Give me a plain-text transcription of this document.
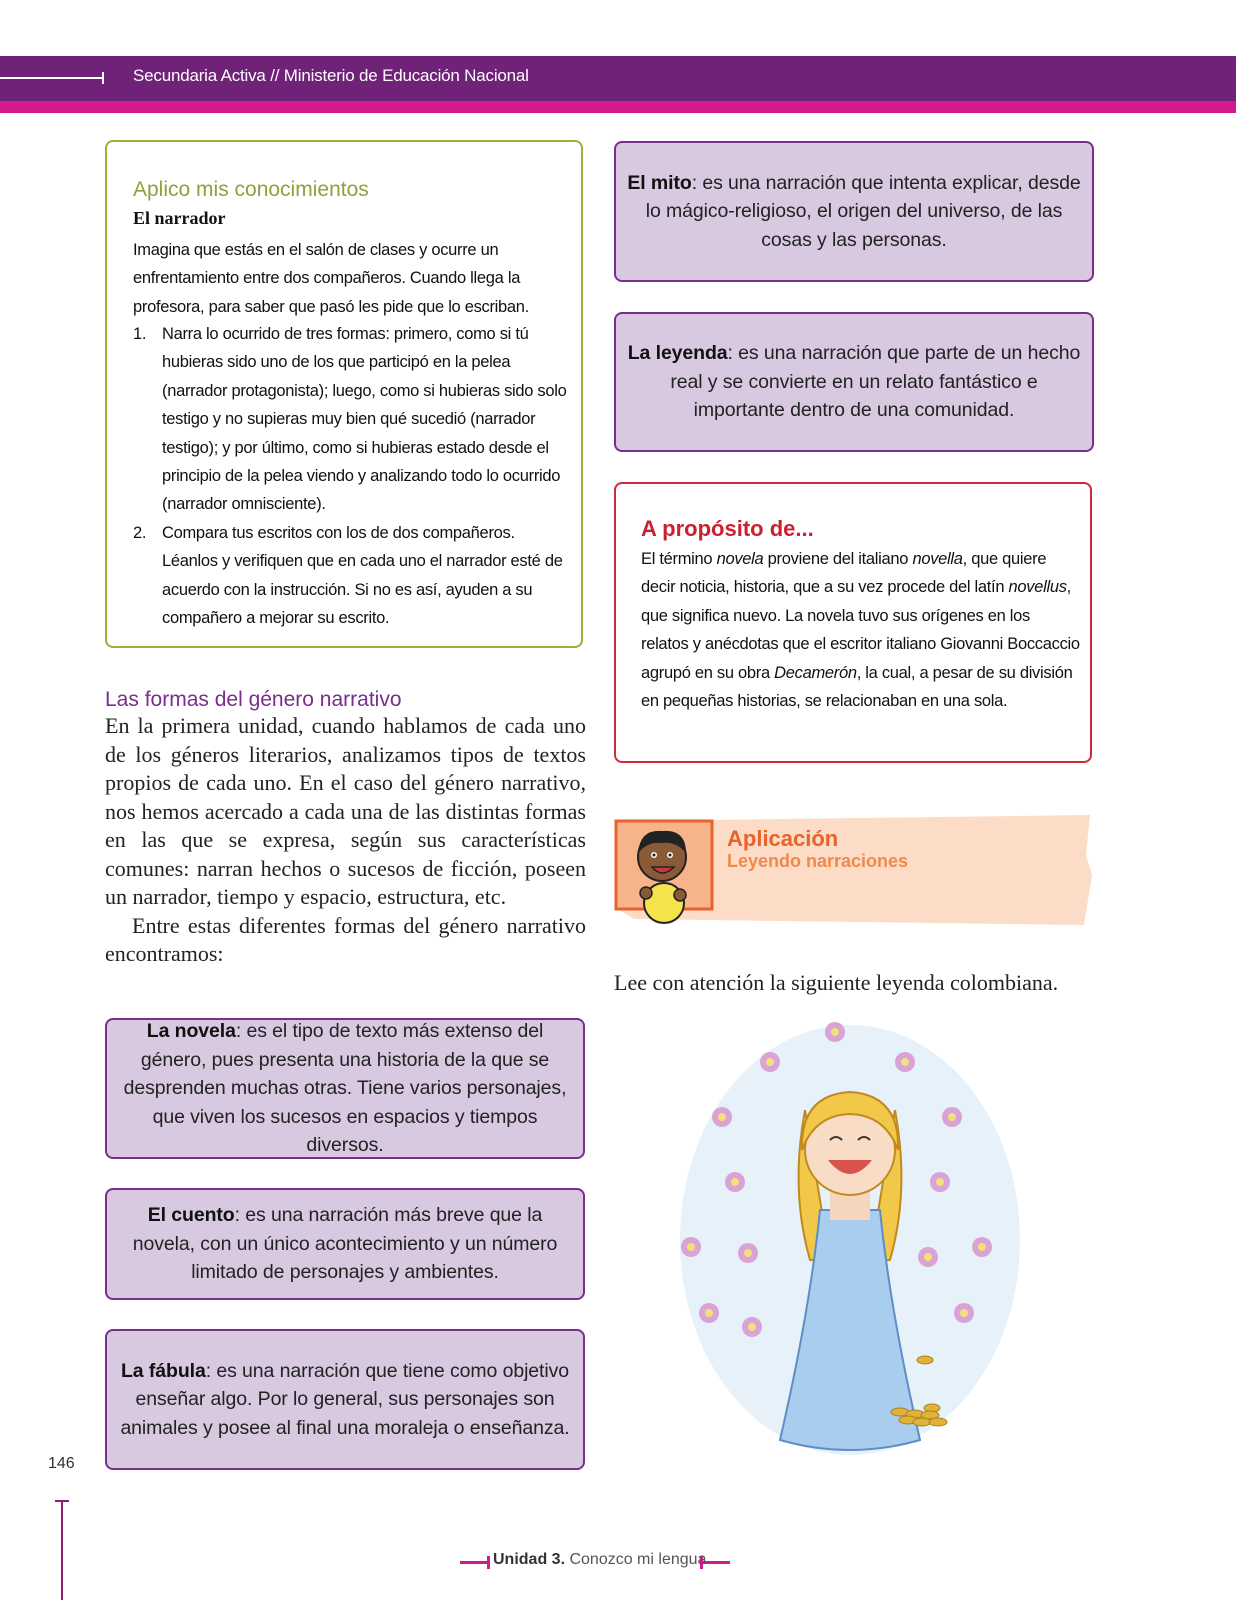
Secundaria Activa // Ministerio de Educación Nacional
Aplico mis conocimientos
El narrador
Imagina que estás en el salón de clases y ocurre un enfrentamiento entre dos compañeros. Cuando llega la profesora, para saber que pasó les pide que lo escriban.
1. Narra lo ocurrido de tres formas: primero, como si tú hubieras sido uno de los que participó en la pelea (narrador protagonista); luego, como si hubieras sido solo testigo y no supieras muy bien qué sucedió (narrador testigo); y por último, como si hubieras estado desde el principio de la pelea viendo y analizando todo lo ocurrido (narrador omnisciente).
2. Compara tus escritos con los de dos compañeros. Léanlos y verifiquen que en cada uno el narrador esté de acuerdo con la instrucción. Si no es así, ayuden a su compañero a mejorar su escrito.
Las formas del género narrativo

En la primera unidad, cuando hablamos de cada uno de los géneros literarios, analizamos tipos de textos propios de cada uno. En el caso del género narrativo, nos hemos acercado a cada una de las distintas formas en las que se expresa, según sus características comunes: narran hechos o sucesos de ficción, poseen un narrador, tiempo y espacio, estructura, etc.

Entre estas diferentes formas del género narrativo encontramos:

La novela: es el tipo de texto más extenso del género, pues presenta una historia de la que se desprenden muchas otras. Tiene varios personajes, que viven los sucesos en espacios y tiempos diversos.
El cuento: es una narración más breve que la novela, con un único acontecimiento y un número limitado de personajes y ambientes.
La fábula: es una narración que tiene como objetivo enseñar algo. Por lo general, sus personajes son animales y posee al final una moraleja o enseñanza.
El mito: es una narración que intenta explicar, desde lo mágico-religioso, el origen del universo, de las cosas y las personas.
La leyenda: es una narración que parte de un hecho real y se convierte en un relato fantástico e importante dentro de una comunidad.
A propósito de...
El término novela proviene del italiano novella, que quiere decir noticia, historia, que a su vez procede del latín novellus, que significa nuevo. La novela tuvo sus orígenes en los relatos y anécdotas que el escritor italiano Giovanni Boccaccio agrupó en su obra Decamerón, la cual, a pesar de su división en pequeñas historias, se relacionaban en una sola.
Aplicación
Leyendo narraciones
Lee con atención la siguiente leyenda colombiana.
146
Unidad 3. Conozco mi lengua
